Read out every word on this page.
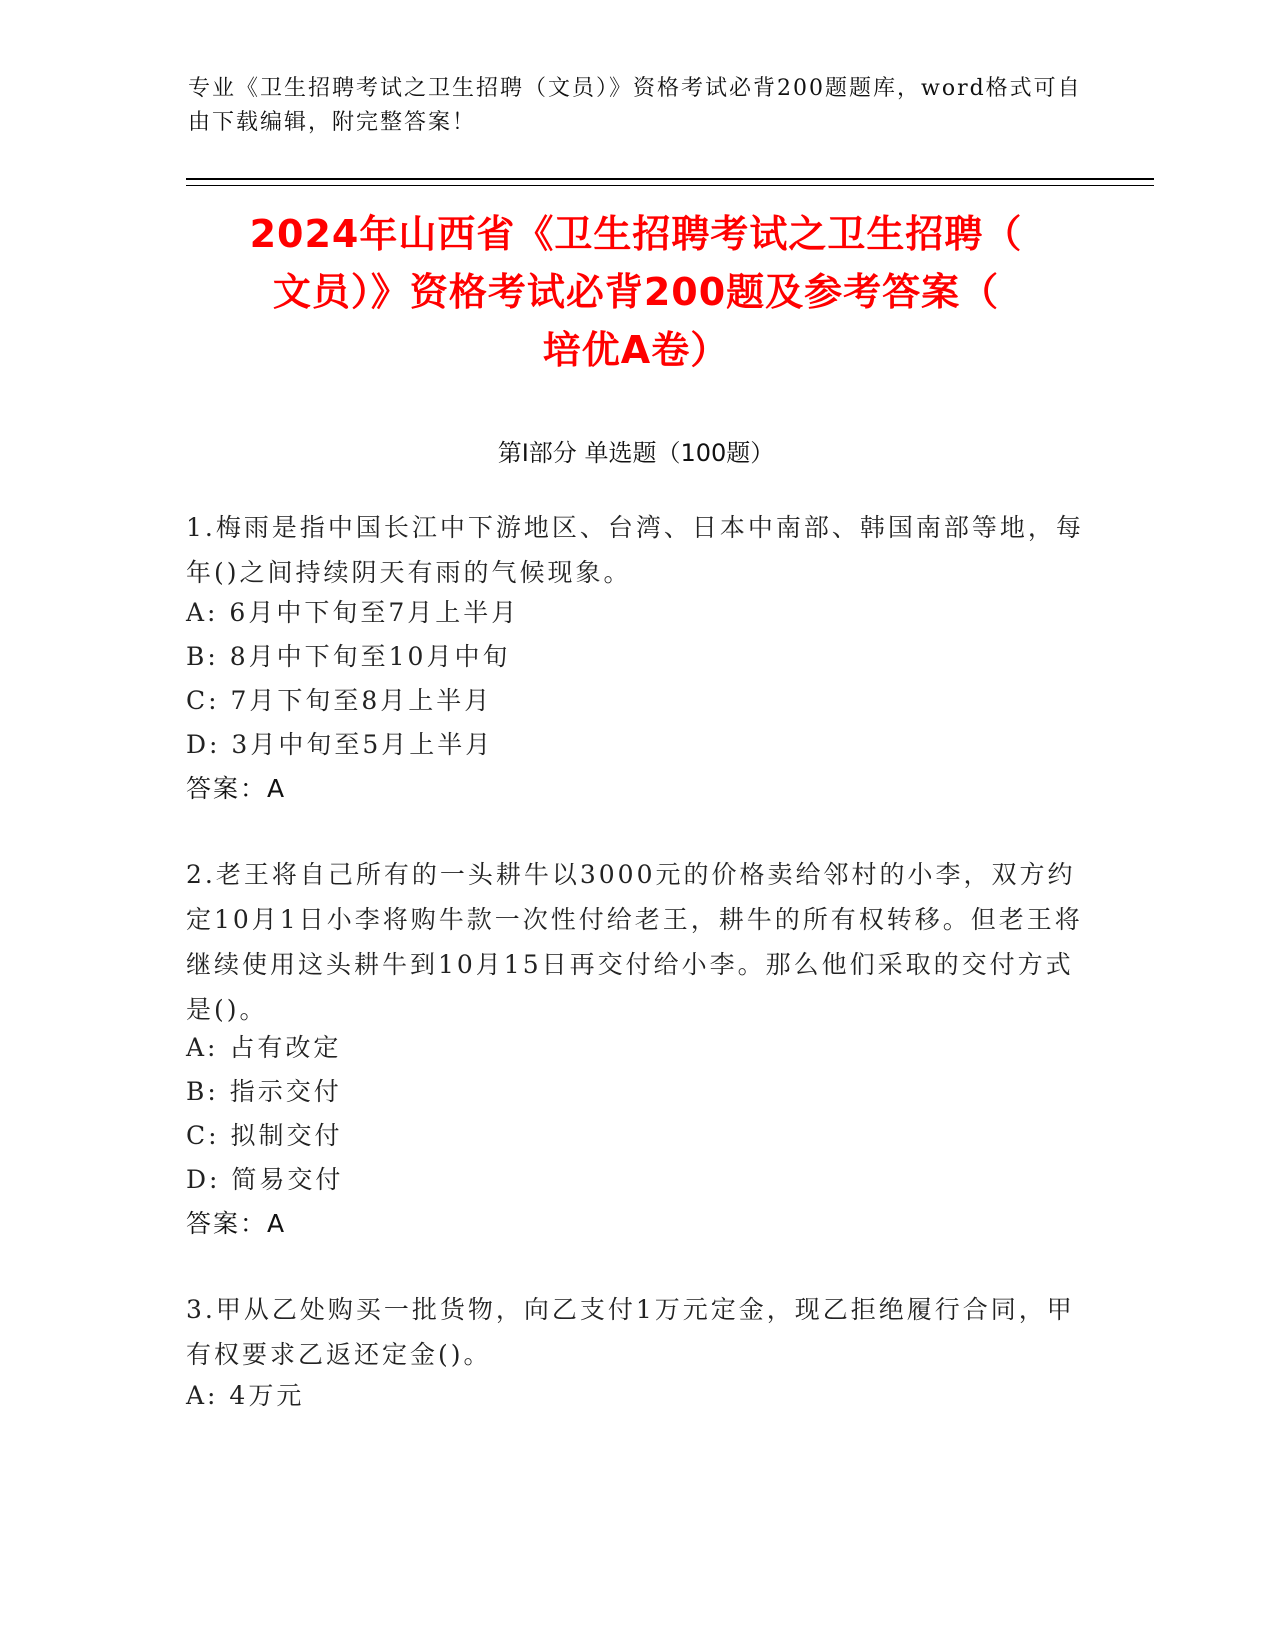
专业《卫生招聘考试之卫生招聘（文员）》资格考试必背200题题库，word格式可自由下载编辑，附完整答案！
2024年山西省《卫生招聘考试之卫生招聘（
文员）》资格考试必背200题及参考答案（
培优A卷）
第I部分 单选题（100题）
1.梅雨是指中国长江中下游地区、台湾、日本中南部、韩国南部等地，每年()之间持续阴天有雨的气候现象。
A: 6月中下旬至7月上半月
B: 8月中下旬至10月中旬
C: 7月下旬至8月上半月
D: 3月中旬至5月上半月
答案：A
2.老王将自己所有的一头耕牛以3000元的价格卖给邻村的小李，双方约定10月1日小李将购牛款一次性付给老王，耕牛的所有权转移。但老王将继续使用这头耕牛到10月15日再交付给小李。那么他们采取的交付方式是()。
A: 占有改定
B: 指示交付
C: 拟制交付
D: 简易交付
答案：A
3.甲从乙处购买一批货物，向乙支付1万元定金，现乙拒绝履行合同，甲有权要求乙返还定金()。
A: 4万元
